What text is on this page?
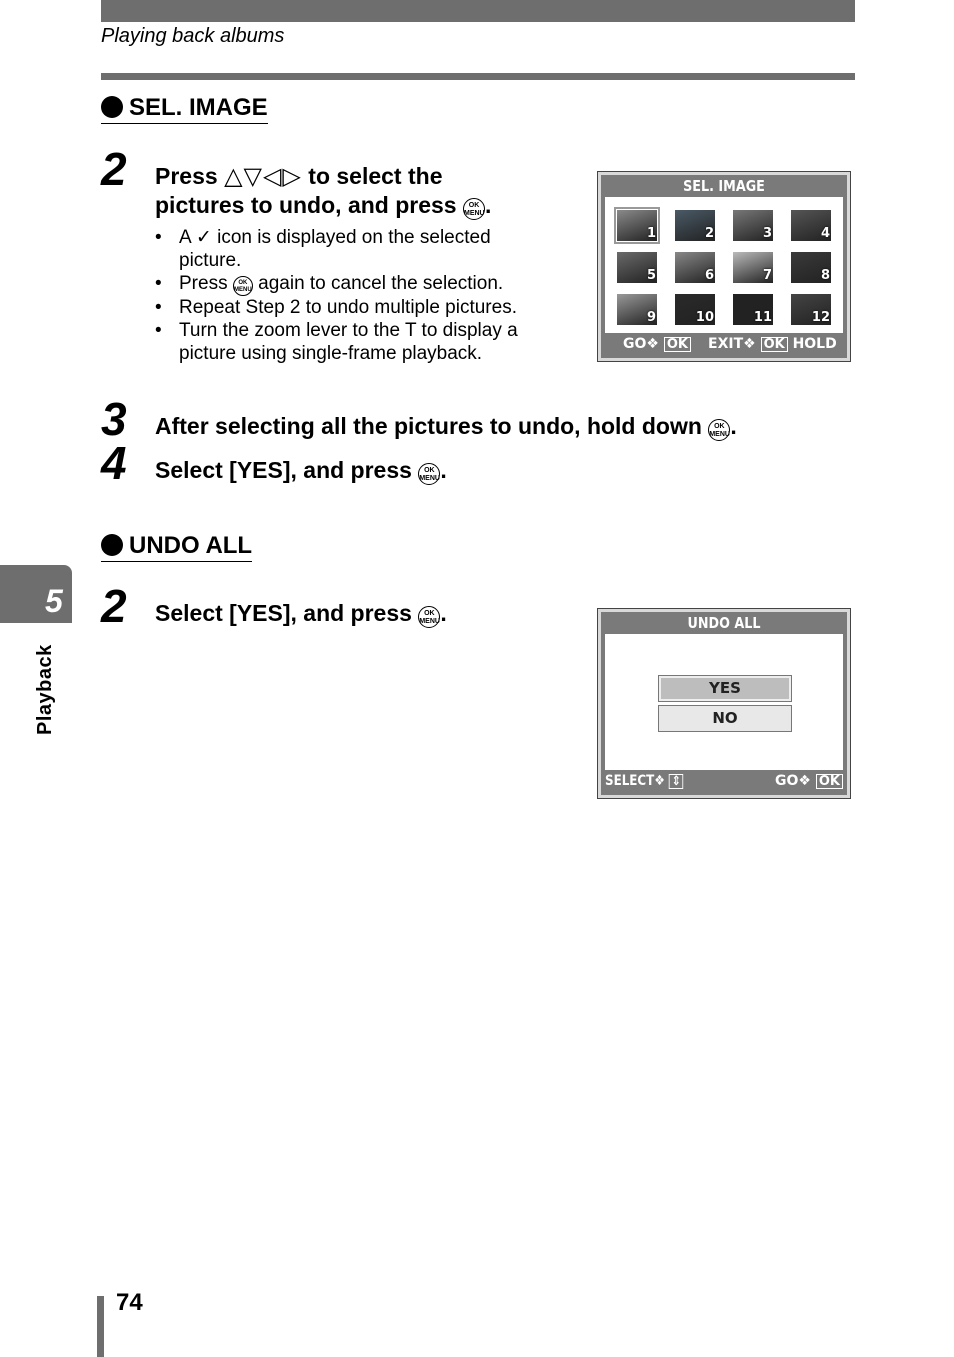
Playing back albums
SEL. IMAGE
2 Press △▽◁▷ to select the
pictures to undo, and press OK
MENU.
• A ✓ icon is displayed on the selected picture.
• Press OK
MENU again to cancel the selection.
• Repeat Step 2 to undo multiple pictures.
• Turn the zoom lever to the T to display a picture using single-frame playback.
SEL. IMAGE
1	2	3	4
5	6	7	8
9	10	11	12
GO❖ OK EXIT❖ OK HOLD
3 After selecting all the pictures to undo, hold down OK
MENU.
4 Select [YES], and press OK
MENU.
UNDO ALL
2 Select [YES], and press OK
MENU.	UNDO ALL
YES
NO
SELECT❖ ⇕	GO❖ OK
5
Playback
74
